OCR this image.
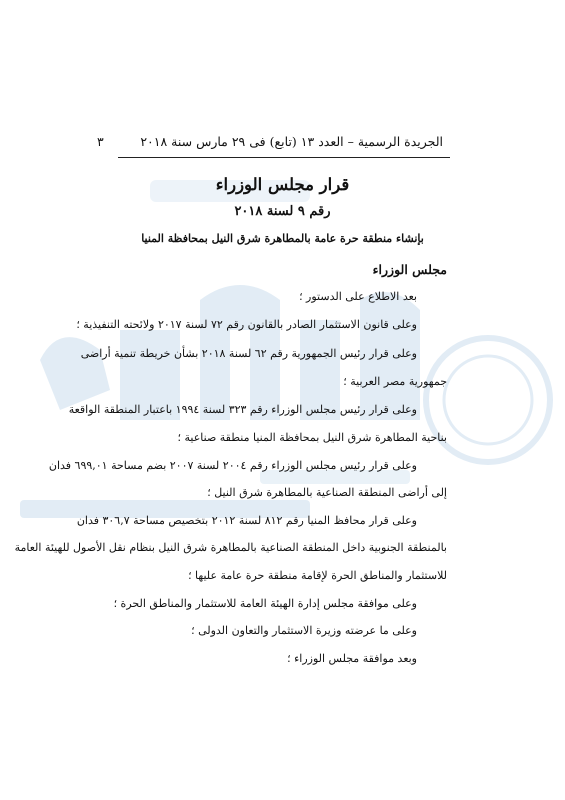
٣	الجريدة الرسمية – العدد ١٣ (تابع) فى ٢٩ مارس سنة ٢٠١٨
قرار مجلس الوزراء
رقم ٩ لسنة ٢٠١٨
بإنشاء منطقة حرة عامة بالمطاهرة شرق النيل بمحافظة المنيا
مجلس الوزراء
بعد الاطلاع على الدستور ؛
وعلى قانون الاستثمار الصادر بالقانون رقم ٧٢ لسنة ٢٠١٧ ولائحته التنفيذية ؛
وعلى قرار رئيس الجمهورية رقم ٦٢ لسنة ٢٠١٨ بشأن خريطة تنمية أراضى
جمهورية مصر العربية ؛
وعلى قرار رئيس مجلس الوزراء رقم ٣٢٣ لسنة ١٩٩٤ باعتبار المنطقة الواقعة
بناحية المطاهرة شرق النيل بمحافظة المنيا منطقة صناعية ؛
وعلى قرار رئيس مجلس الوزراء رقم ٢٠٠٤ لسنة ٢٠٠٧ بضم مساحة ٦٩٩,٠١ فدان
إلى أراضى المنطقة الصناعية بالمطاهرة شرق النيل ؛
وعلى قرار محافظ المنيا رقم ٨١٢ لسنة ٢٠١٢ بتخصيص مساحة ٣٠٦,٧ فدان
بالمنطقة الجنوبية داخل المنطقة الصناعية بالمطاهرة شرق النيل بنظام نقل الأصول للهيئة العامة
للاستثمار والمناطق الحرة لإقامة منطقة حرة عامة عليها ؛
وعلى موافقة مجلس إدارة الهيئة العامة للاستثمار والمناطق الحرة ؛
وعلى ما عرضته وزيرة الاستثمار والتعاون الدولى ؛
وبعد موافقة مجلس الوزراء ؛
